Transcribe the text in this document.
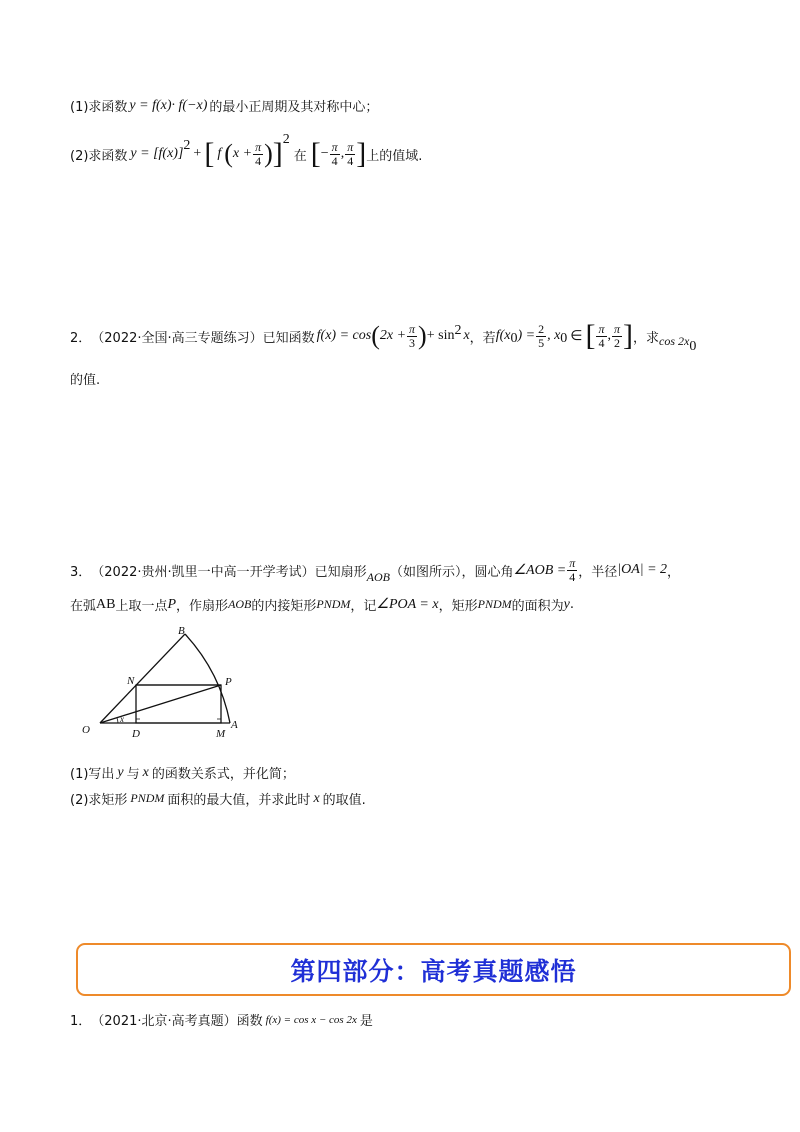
(1)求函数 y = f(x)· f(−x) 的最小正周期及其对称中心；
(2)求函数 y = [f(x)]
2
+ [ f ( $x + \frac{\pi}{4}$ ) ] 2
在 [ − $\frac{\pi}{4}$ , $\frac{\pi}{4}$ ] 上的值域.
2． （2022·全国·高三专题练习）已知函数 f(x) = cos ( $2x + \frac{\pi}{3}$ ) + sin 2 x ，若 f(x 0 ) = $\frac{2}{5}$ , x 0 ∈ [ $\frac{\pi}{4}$ , $\frac{\pi}{2}$ ] ，求 cos 2x 0
的值.
3． （2022·贵州·凯里一中高一开学考试）已知扇形 AOB （如图所示），圆心角 ∠AOB = $\frac{\pi}{4}$ ，半径 |OA| = 2 ，
在弧 AB 上取一点 P ，作扇形 AOB 的内接矩形 PNDM ，记 ∠POA = x ，矩形 PNDM 的面积为 y .
B
N	P
O	D	M
A
x
(1)写出 y 与 x 的函数关系式，并化简；
(2)求矩形 PNDM 面积的最大值，并求此时 x 的取值.
第四部分：高考真题感悟
1． （2021·北京·高考真题）函数 f(x) = cos x − cos 2x 是
